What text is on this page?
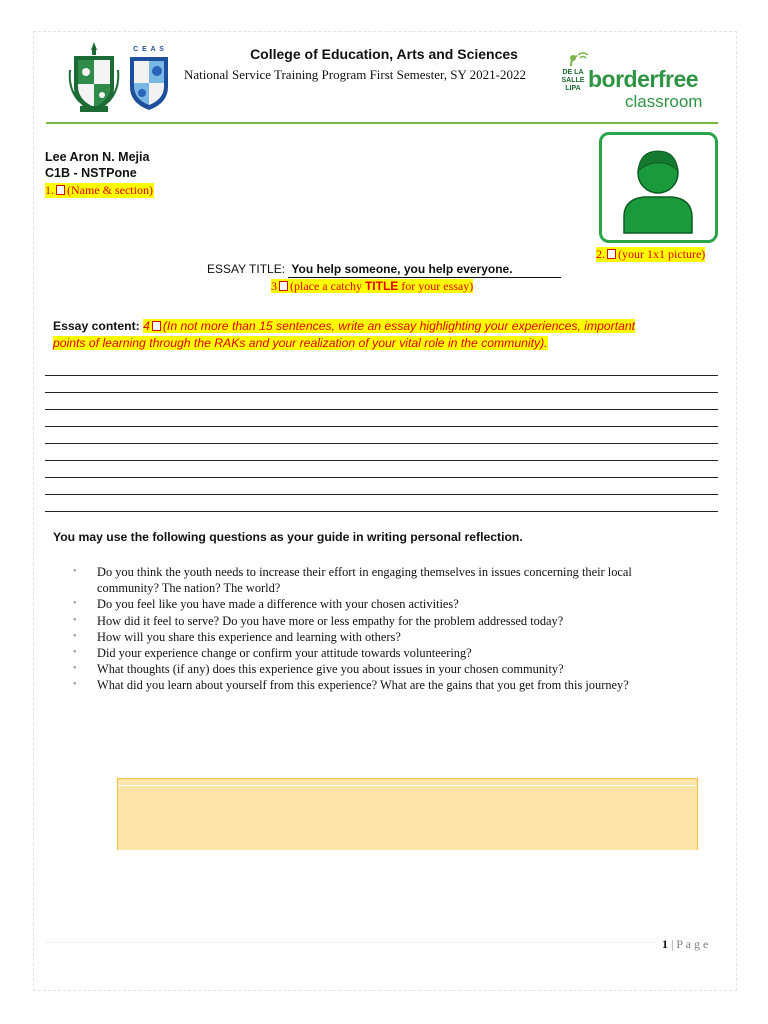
C E A S	College of Education, Arts and Sciences
National Service Training Program First Semester, SY 2021-2022	DE LA SALLE LIPA borderfree
classroom
Lee Aron N. Mejia
C1B - NSTPone
1. (Name & section)
2. (your 1x1 picture)
ESSAY TITLE: You help someone, you help everyone.
3 (place a catchy TITLE for your essay)
Essay content: 4 (In not more than 15 sentences, write an essay highlighting your experiences, important
points of learning through the RAKs and your realization of your vital role in the community).
You may use the following questions as your guide in writing personal reflection.
• Do you think the youth needs to increase their effort in engaging themselves in issues concerning their local community? The nation? The world?
• Do you feel like you have made a difference with your chosen activities?
• How did it feel to serve? Do you have more or less empathy for the problem addressed today?
• How will you share this experience and learning with others?
• Did your experience change or confirm your attitude towards volunteering?
• What thoughts (if any) does this experience give you about issues in your chosen community?
• What did you learn about yourself from this experience? What are the gains that you get from this journey?
1 | P a g e
